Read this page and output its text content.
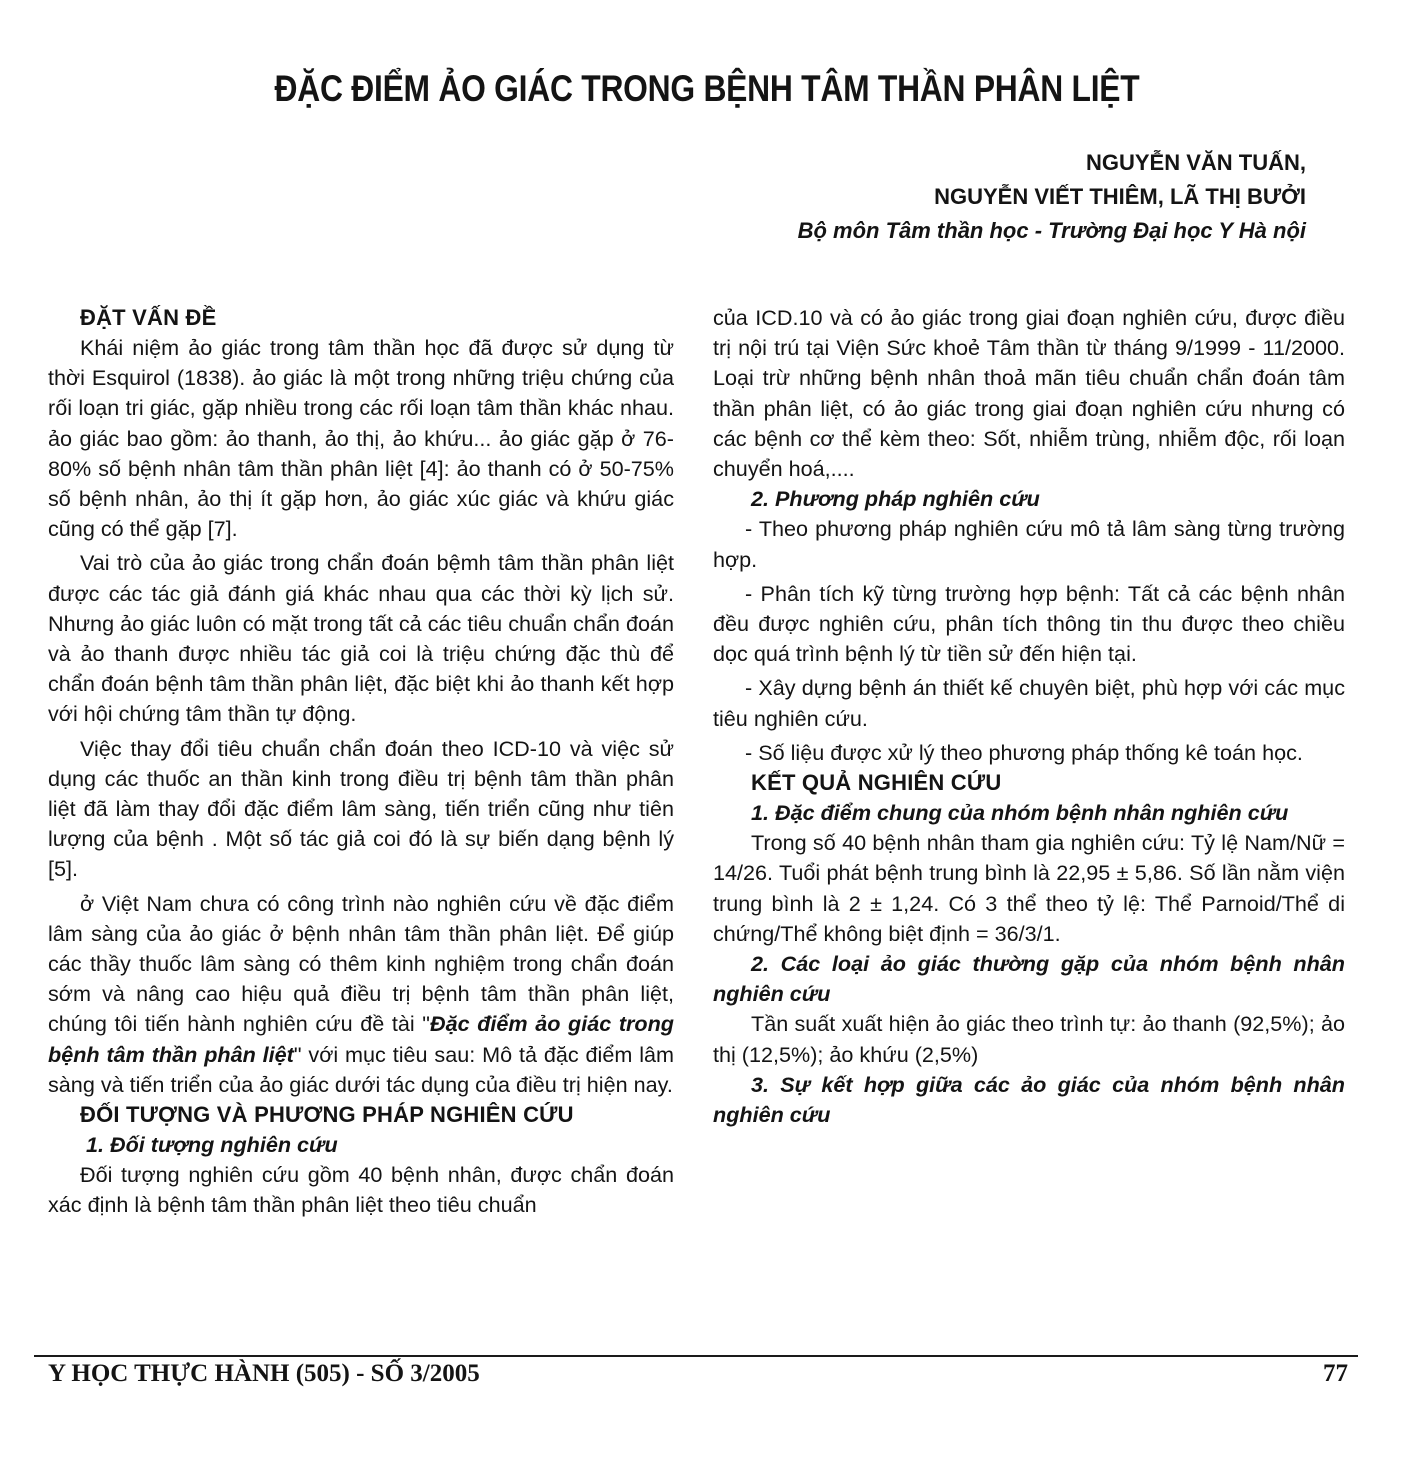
ĐẶC ĐIỂM ẢO GIÁC TRONG BỆNH TÂM THẦN PHÂN LIỆT
NGUYỄN VĂN TUẤN,
NGUYỄN VIẾT THIÊM, LÃ THỊ BƯỞI
Bộ môn Tâm thần học - Trường Đại học Y Hà nội
ĐẶT VẤN ĐỀ

Khái niệm ảo giác trong tâm thần học đã được sử dụng từ thời Esquirol (1838). ảo giác là một trong những triệu chứng của rối loạn tri giác, gặp nhiều trong các rối loạn tâm thần khác nhau. ảo giác bao gồm: ảo thanh, ảo thị, ảo khứu... ảo giác gặp ở 76-80% số bệnh nhân tâm thần phân liệt [4]: ảo thanh có ở 50-75% số bệnh nhân, ảo thị ít gặp hơn, ảo giác xúc giác và khứu giác cũng có thể gặp [7].

Vai trò của ảo giác trong chẩn đoán bệmh tâm thần phân liệt được các tác giả đánh giá khác nhau qua các thời kỳ lịch sử. Nhưng ảo giác luôn có mặt trong tất cả các tiêu chuẩn chẩn đoán và ảo thanh được nhiều tác giả coi là triệu chứng đặc thù để chẩn đoán bệnh tâm thần phân liệt, đặc biệt khi ảo thanh kết hợp với hội chứng tâm thần tự động.

Việc thay đổi tiêu chuẩn chẩn đoán theo ICD-10 và việc sử dụng các thuốc an thần kinh trong điều trị bệnh tâm thần phân liệt đã làm thay đổi đặc điểm lâm sàng, tiến triển cũng như tiên lượng của bệnh . Một số tác giả coi đó là sự biến dạng bệnh lý [5].

ở Việt Nam chưa có công trình nào nghiên cứu về đặc điểm lâm sàng của ảo giác ở bệnh nhân tâm thần phân liệt. Để giúp các thầy thuốc lâm sàng có thêm kinh nghiệm trong chẩn đoán sớm và nâng cao hiệu quả điều trị bệnh tâm thần phân liệt, chúng tôi tiến hành nghiên cứu đề tài "Đặc điểm ảo giác trong bệnh tâm thần phân liệt" với mục tiêu sau: Mô tả đặc điểm lâm sàng và tiến triển của ảo giác dưới tác dụng của điều trị hiện nay.

ĐỐI TƯỢNG VÀ PHƯƠNG PHÁP NGHIÊN CỨU
1. Đối tượng nghiên cứu

Đối tượng nghiên cứu gồm 40 bệnh nhân, được chẩn đoán xác định là bệnh tâm thần phân liệt theo tiêu chuẩn

của ICD.10 và có ảo giác trong giai đoạn nghiên cứu, được điều trị nội trú tại Viện Sức khoẻ Tâm thần từ tháng 9/1999 - 11/2000. Loại trừ những bệnh nhân thoả mãn tiêu chuẩn chẩn đoán tâm thần phân liệt, có ảo giác trong giai đoạn nghiên cứu nhưng có các bệnh cơ thể kèm theo: Sốt, nhiễm trùng, nhiễm độc, rối loạn chuyển hoá,....

2. Phương pháp nghiên cứu

- Theo phương pháp nghiên cứu mô tả lâm sàng từng trường hợp.

- Phân tích kỹ từng trường hợp bệnh: Tất cả các bệnh nhân đều được nghiên cứu, phân tích thông tin thu được theo chiều dọc quá trình bệnh lý từ tiền sử đến hiện tại.

- Xây dựng bệnh án thiết kế chuyên biệt, phù hợp với các mục tiêu nghiên cứu.

- Số liệu được xử lý theo phương pháp thống kê toán học.

KẾT QUẢ NGHIÊN CỨU
1. Đặc điểm chung của nhóm bệnh nhân nghiên cứu

Trong số 40 bệnh nhân tham gia nghiên cứu: Tỷ lệ Nam/Nữ = 14/26. Tuổi phát bệnh trung bình là 22,95 ± 5,86. Số lần nằm viện trung bình là 2 ± 1,24. Có 3 thể theo tỷ lệ: Thể Parnoid/Thể di chứng/Thể không biệt định = 36/3/1.

2. Các loại ảo giác thường gặp của nhóm bệnh nhân nghiên cứu

Tần suất xuất hiện ảo giác theo trình tự: ảo thanh (92,5%); ảo thị (12,5%); ảo khứu (2,5%)

3. Sự kết hợp giữa các ảo giác của nhóm bệnh nhân nghiên cứu
Y HỌC THỰC HÀNH (505) - SỐ 3/2005	77
